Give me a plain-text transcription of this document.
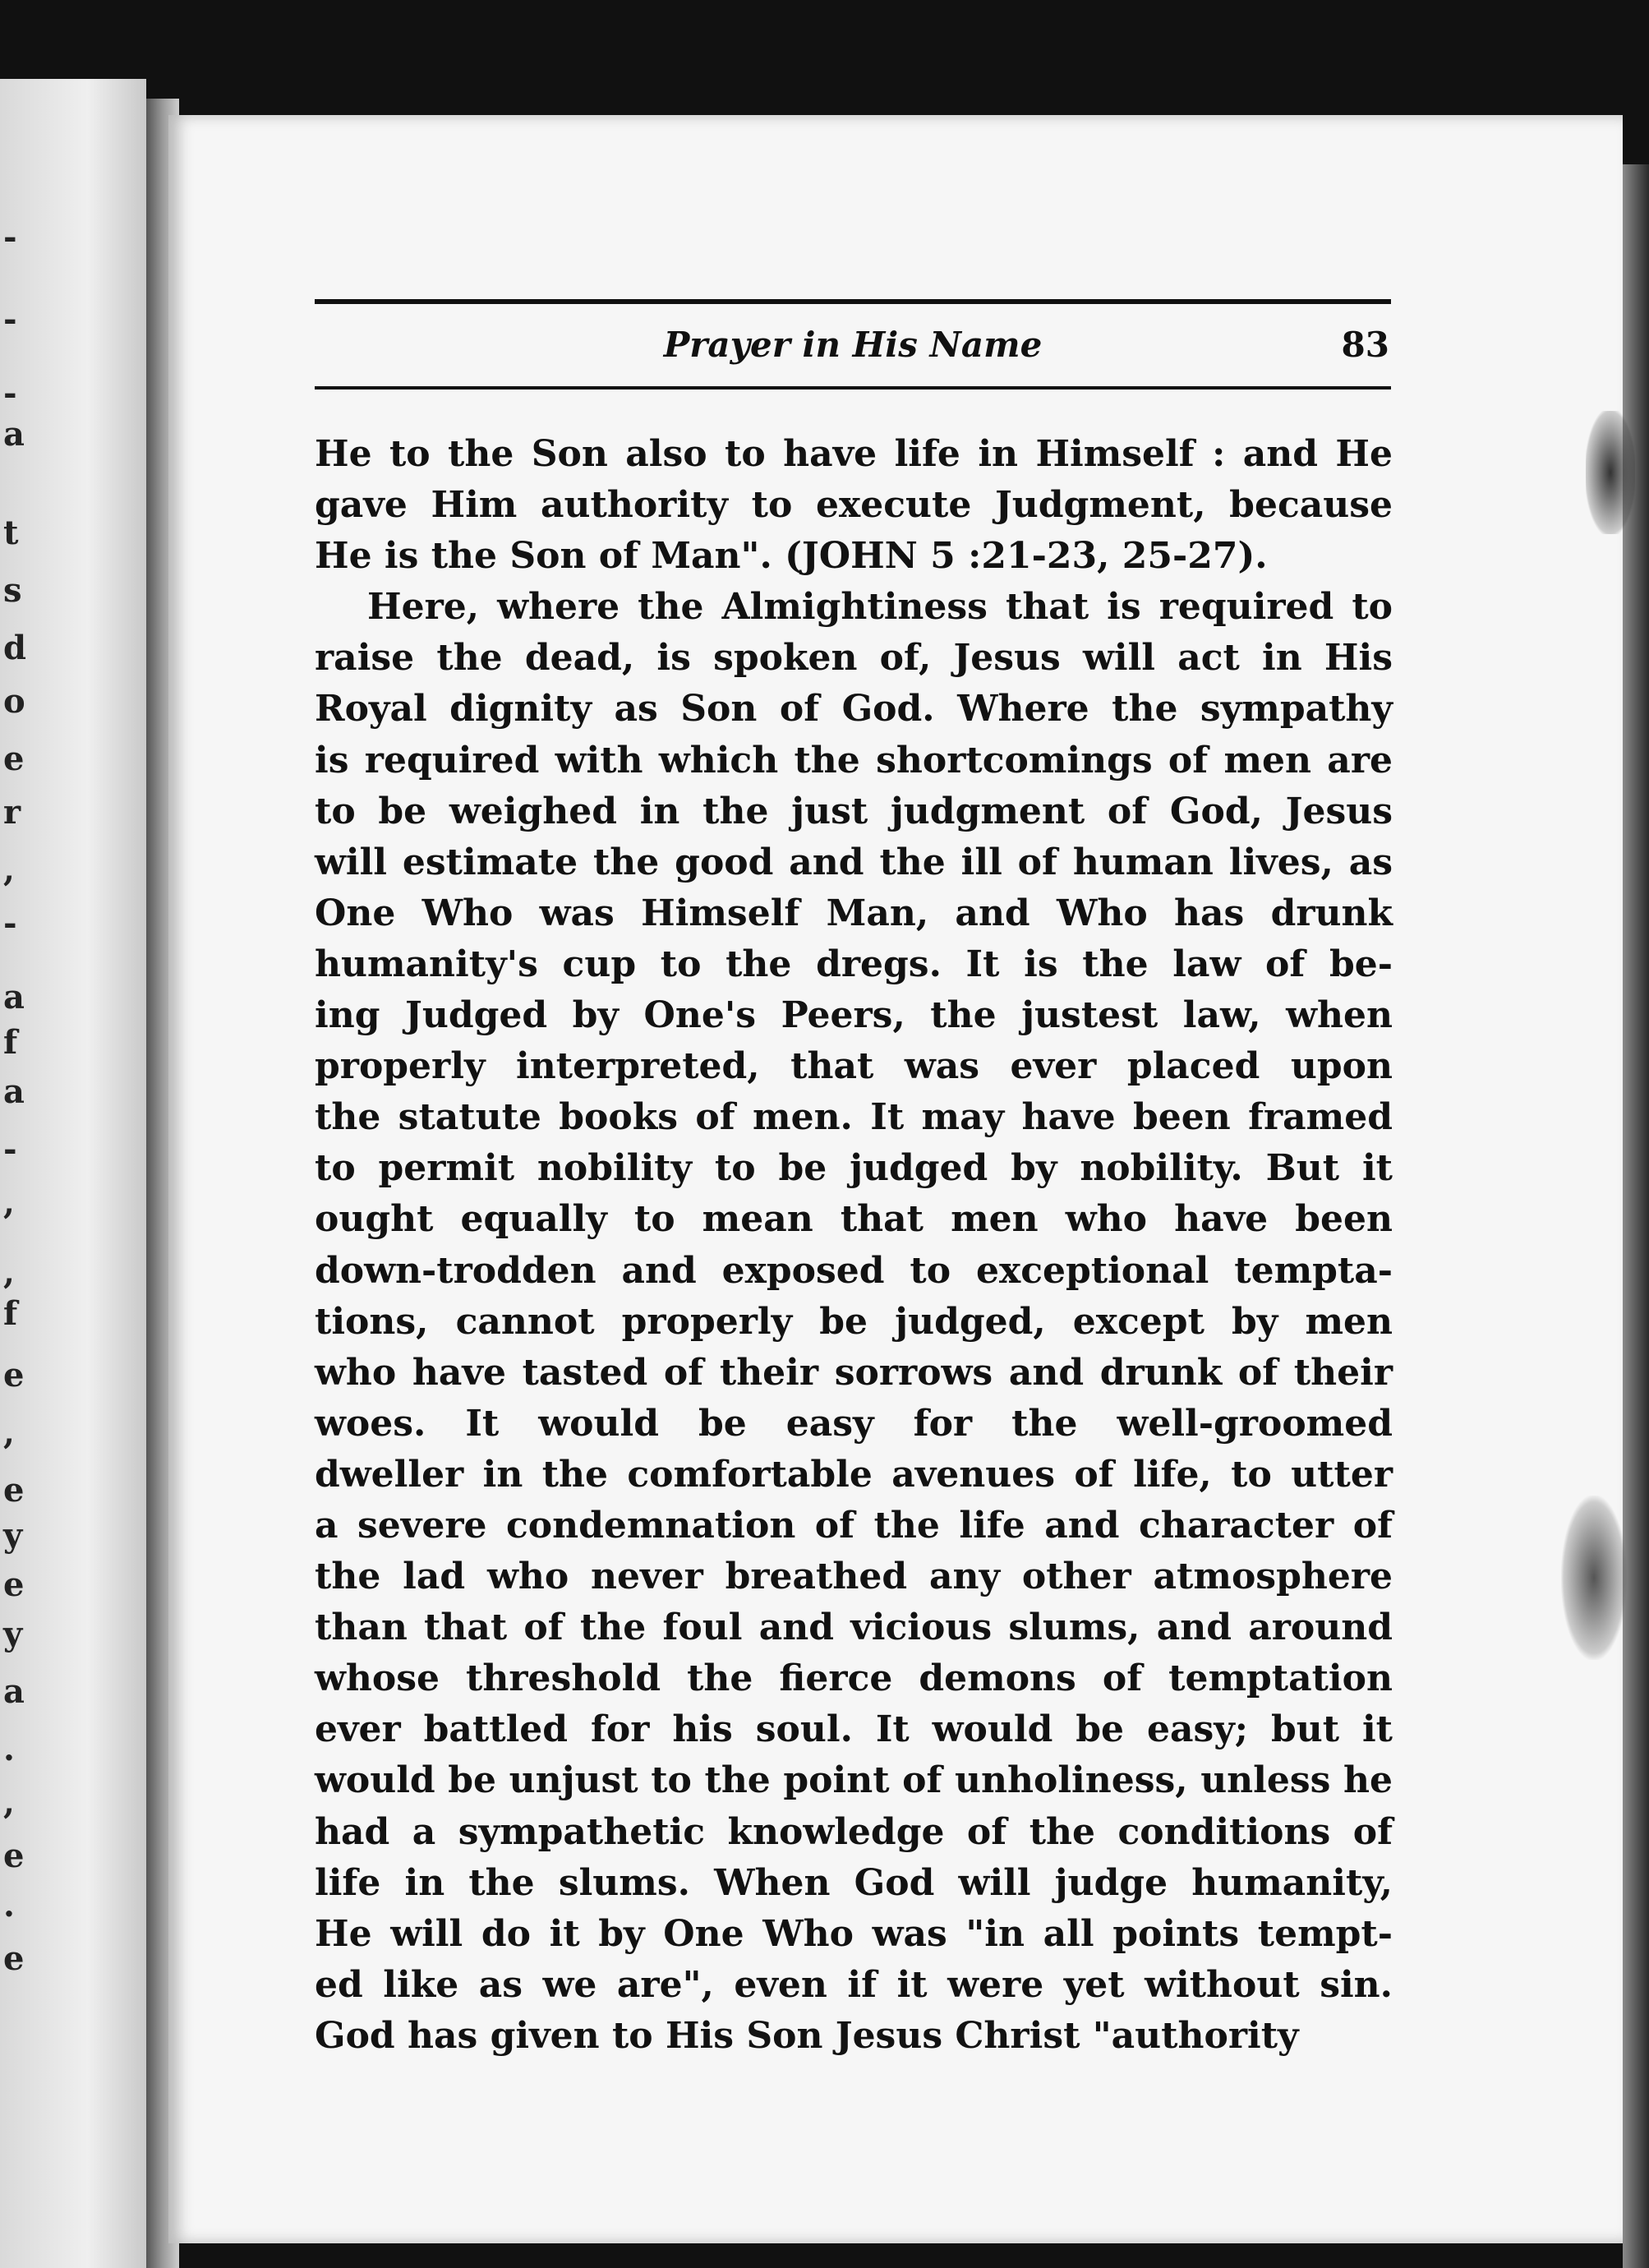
-
-
-
a
t
s
d
o
e
r
,
-
a
f
a
-
,
,
f
e
,
e
y
e
y
a
.
,
e
.
e
Prayer in His Name	83
He to the Son also to have life in Himself : and He
gave Him authority to execute Judgment, because
He is the Son of Man". (JOHN 5 :21-23, 25-27).
Here, where the Almightiness that is required to
raise the dead, is spoken of, Jesus will act in His
Royal dignity as Son of God. Where the sympathy
is required with which the shortcomings of men are
to be weighed in the just judgment of God, Jesus
will estimate the good and the ill of human lives, as
One Who was Himself Man, and Who has drunk
humanity's cup to the dregs. It is the law of be-
ing Judged by One's Peers, the justest law, when
properly interpreted, that was ever placed upon
the statute books of men. It may have been framed
to permit nobility to be judged by nobility. But it
ought equally to mean that men who have been
down-trodden and exposed to exceptional tempta-
tions, cannot properly be judged, except by men
who have tasted of their sorrows and drunk of their
woes. It would be easy for the well-groomed
dweller in the comfortable avenues of life, to utter
a severe condemnation of the life and character of
the lad who never breathed any other atmosphere
than that of the foul and vicious slums, and around
whose threshold the fierce demons of temptation
ever battled for his soul. It would be easy; but it
would be unjust to the point of unholiness, unless he
had a sympathetic knowledge of the conditions of
life in the slums. When God will judge humanity,
He will do it by One Who was "in all points tempt-
ed like as we are", even if it were yet without sin.
God has given to His Son Jesus Christ "authority
